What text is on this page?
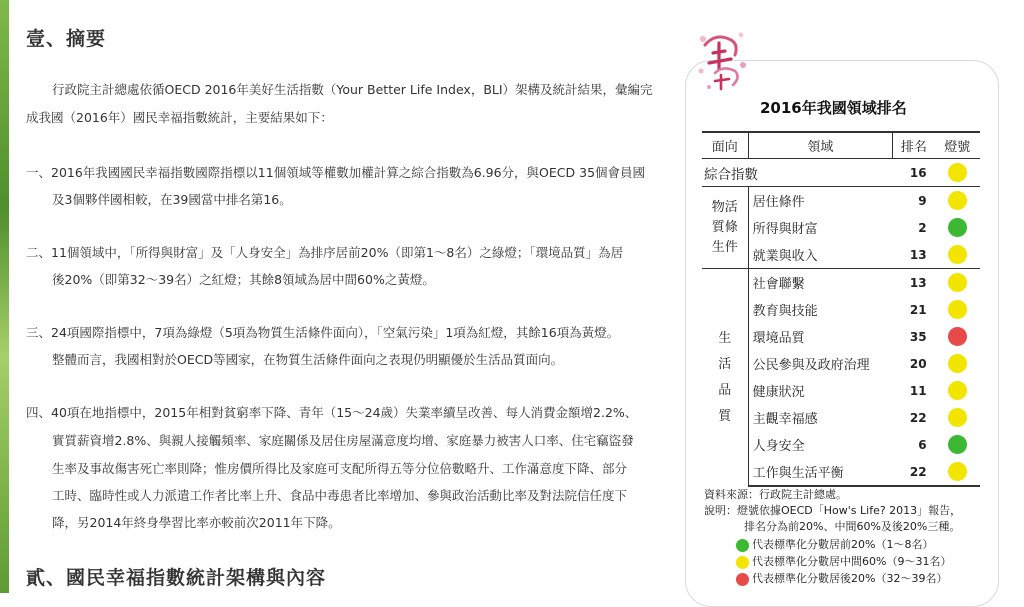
壹、摘要
行政院主計總處依循OECD 2016年美好生活指數（Your Better Life Index，BLI）架構及統計結果，彙編完
成我國（2016年）國民幸福指數統計，主要結果如下：
一、2016年我國國民幸福指數國際指標以11個領域等權數加權計算之綜合指數為6.96分，與OECD 35個會員國
及3個夥伴國相較，在39國當中排名第16。
二、11個領域中，「所得與財富」及「人身安全」為排序居前20%（即第1～8名）之綠燈；「環境品質」為居
後20%（即第32～39名）之紅燈；其餘8領域為居中間60%之黃燈。
三、24項國際指標中，7項為綠燈（5項為物質生活條件面向），「空氣污染」1項為紅燈，其餘16項為黃燈。
整體而言，我國相對於OECD等國家，在物質生活條件面向之表現仍明顯優於生活品質面向。
四、40項在地指標中，2015年相對貧窮率下降、青年（15～24歲）失業率續呈改善、每人消費金額增2.2%、
實質薪資增2.8%、與親人接觸頻率、家庭關係及居住房屋滿意度均增、家庭暴力被害人口率、住宅竊盜發
生率及事故傷害死亡率則降；惟房價所得比及家庭可支配所得五等分位倍數略升、工作滿意度下降、部分
工時、臨時性或人力派遣工作者比率上升、食品中毒患者比率增加、參與政治活動比率及對法院信任度下
降，另2014年終身學習比率亦較前次2011年下降。
貳、國民幸福指數統計架構與內容
2016年我國領域排名
面向	領域	排名	燈號
綜合指數		16	
物活質條生件	居住條件	9	
	所得與財富	2	
	就業與收入	13	
生活品質	社會聯繫	13	
	教育與技能	21	
	環境品質	35	
	公民參與及政府治理	20	
	健康狀況	11	
	主觀幸福感	22	
	人身安全	6	
	工作與生活平衡	22	
資料來源：行政院主計總處。
說明：燈號依據OECD「How's Life? 2013」報告，
排名分為前20%、中間60%及後20%三種。
代表標準化分數居前20%（1～8名）
代表標準化分數居中間60%（9～31名）
代表標準化分數居後20%（32～39名）
